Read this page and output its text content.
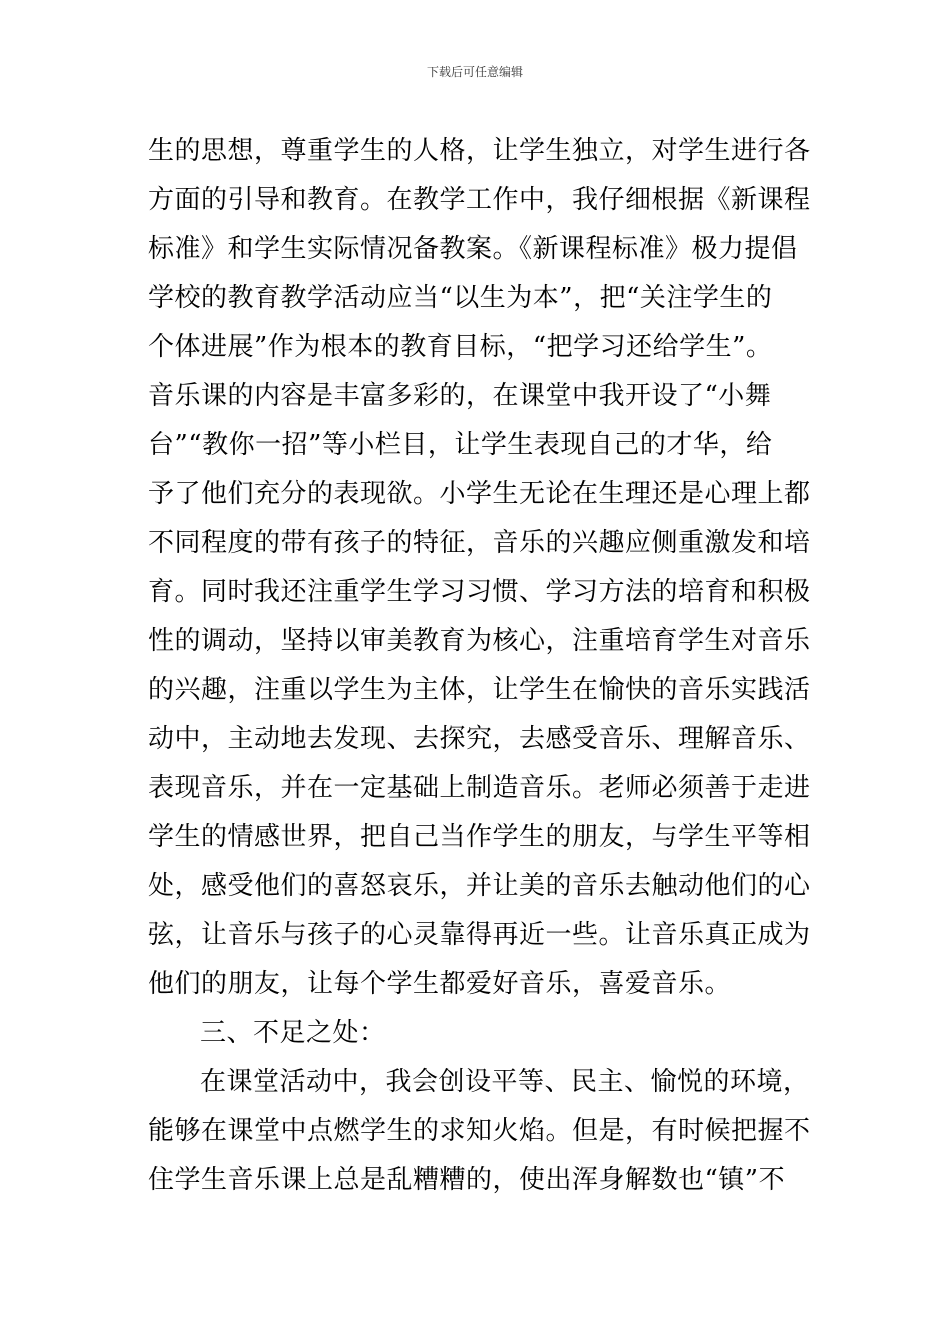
下载后可任意编辑
生的思想，尊重学生的人格，让学生独立，对学生进行各
方面的引导和教育。在教学工作中，我仔细根据《新课程
标准》和学生实际情况备教案。《新课程标准》极力提倡
学校的教育教学活动应当“以生为本”，把“关注学生的
个体进展”作为根本的教育目标，“把学习还给学生”。
音乐课的内容是丰富多彩的，在课堂中我开设了“小舞
台”“教你一招”等小栏目，让学生表现自己的才华，给
予了他们充分的表现欲。小学生无论在生理还是心理上都
不同程度的带有孩子的特征，音乐的兴趣应侧重激发和培
育。同时我还注重学生学习习惯、学习方法的培育和积极
性的调动，坚持以审美教育为核心，注重培育学生对音乐
的兴趣，注重以学生为主体，让学生在愉快的音乐实践活
动中，主动地去发现、去探究，去感受音乐、理解音乐、
表现音乐，并在一定基础上制造音乐。老师必须善于走进
学生的情感世界，把自己当作学生的朋友，与学生平等相
处，感受他们的喜怒哀乐，并让美的音乐去触动他们的心
弦，让音乐与孩子的心灵靠得再近一些。让音乐真正成为
他们的朋友，让每个学生都爱好音乐，喜爱音乐。
三、不足之处：
在课堂活动中，我会创设平等、民主、愉悦的环境，
能够在课堂中点燃学生的求知火焰。但是，有时候把握不
住学生音乐课上总是乱糟糟的，使出浑身解数也“镇”不
